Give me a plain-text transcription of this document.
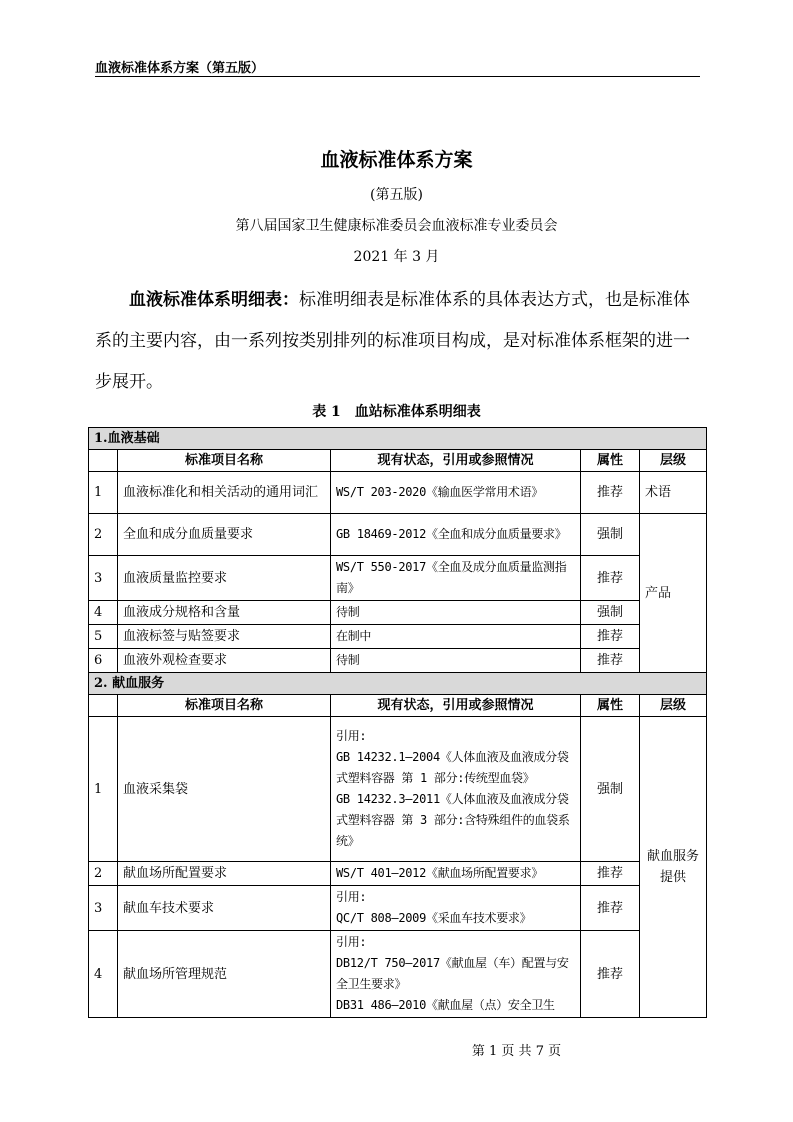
血液标准体系方案（第五版）
血液标准体系方案
(第五版)
第八届国家卫生健康标准委员会血液标准专业委员会
2021 年 3 月
血液标准体系明细表：标准明细表是标准体系的具体表达方式，也是标准体系的主要内容，由一系列按类别排列的标准项目构成，是对标准体系框架的进一步展开。
表 1　血站标准体系明细表
1.血液基础				
	标准项目名称	现有状态，引用或参照情况	属性	层级
1	血液标准化和相关活动的通用词汇	WS/T 203-2020《输血医学常用术语》	推荐	术语
2	全血和成分血质量要求	GB 18469-2012《全血和成分血质量要求》	强制	产品
3	血液质量监控要求	WS/T 550-2017《全血及成分血质量监测指南》	推荐	
4	血液成分规格和含量	待制	强制	
5	血液标签与贴签要求	在制中	推荐	
6	血液外观检查要求	待制	推荐	
2. 献血服务				
	标准项目名称	现有状态，引用或参照情况	属性	层级
1	血液采集袋	引用:
GB 14232.1—2004《人体血液及血液成分袋式塑料容器 第 1 部分:传统型血袋》
GB 14232.3—2011《人体血液及血液成分袋式塑料容器 第 3 部分:含特殊组件的血袋系统》	强制	献血服务提供
2	献血场所配置要求	WS/T 401—2012《献血场所配置要求》	推荐	
3	献血车技术要求	引用:
QC/T 808—2009《采血车技术要求》	推荐	
4	献血场所管理规范	引用:
DB12/T 750—2017《献血屋（车）配置与安全卫生要求》
DB31 486—2010《献血屋（点）安全卫生	推荐	
第 1 页 共 7 页
